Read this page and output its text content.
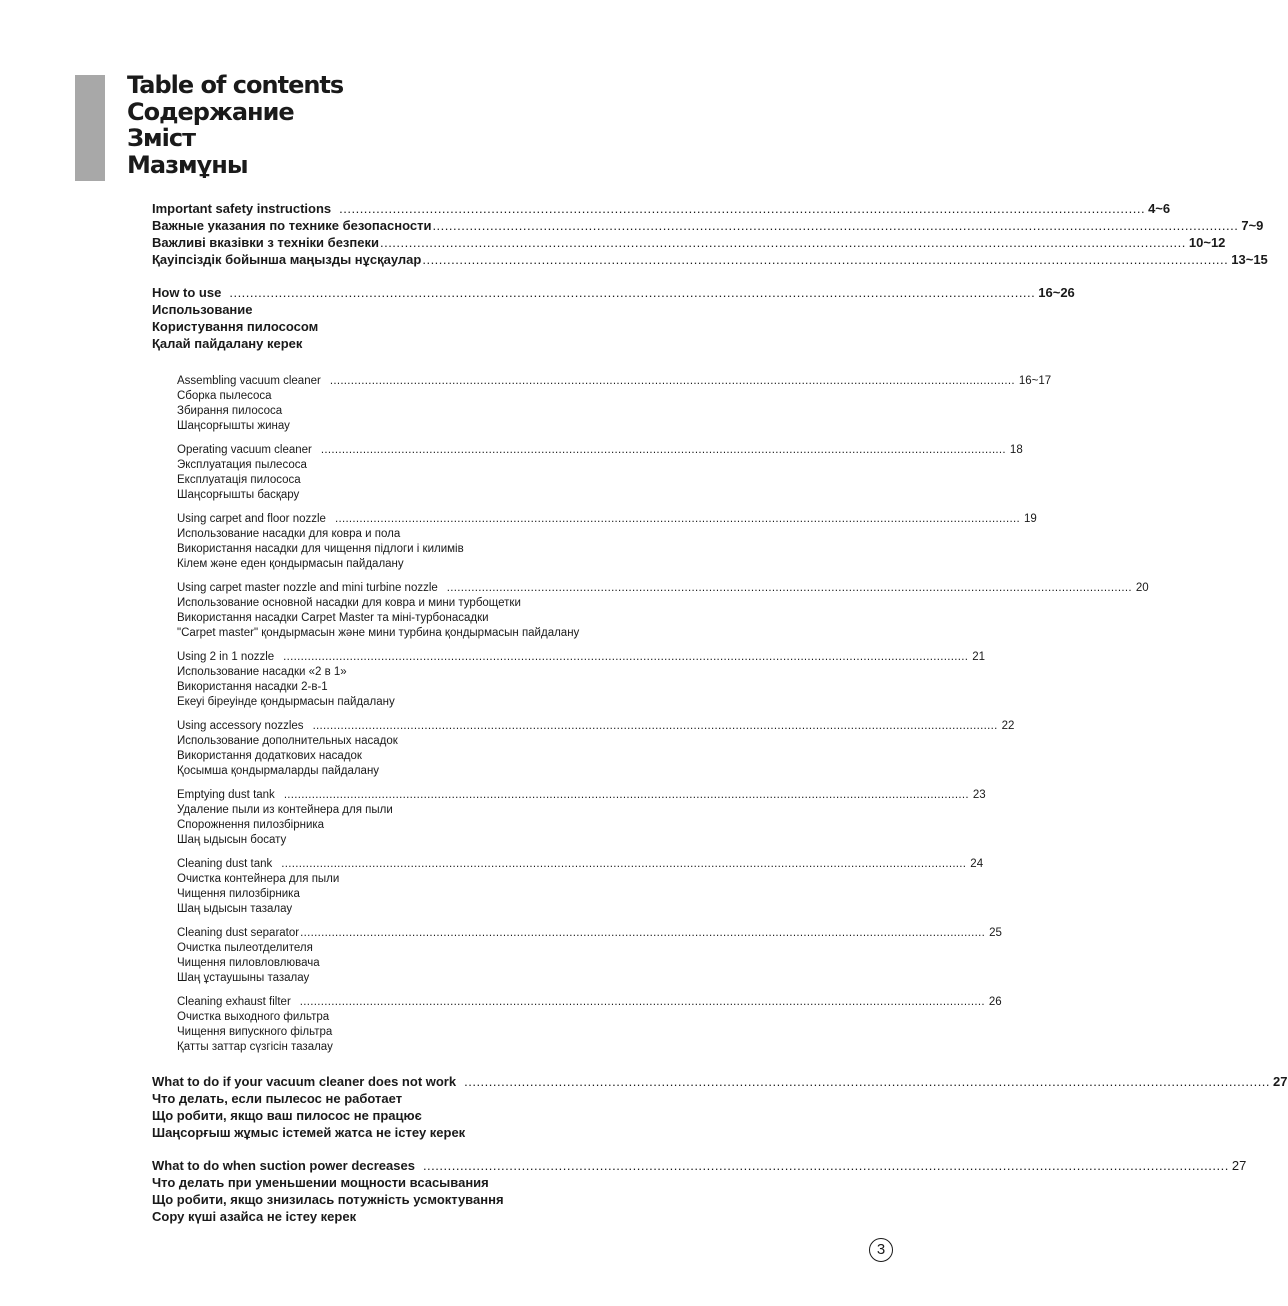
Table of contents
Содержание
Зміст
Мазмұны
Important safety instructions .................................................................................................................................................................................................... 4~6
Важные указания по технике безопасности .................................................................................................................................................................................................... 7~9
Важливі вказівки з техніки безпеки .................................................................................................................................................................................................... 10~12
Қауіпсіздік бойынша маңызды нұсқаулар .................................................................................................................................................................................................... 13~15
How to use .................................................................................................................................................................................................... 16~26
Использование
Користування пилососом
Қалай пайдалану керек
Assembling vacuum cleaner .................................................................................................................................................................................................... 16~17
Сборка пылесоса
Збирання пилососа
Шаңсорғышты жинау
Operating vacuum cleaner .................................................................................................................................................................................................... 18
Эксплуатация пылесоса
Експлуатація пилососа
Шаңсорғышты басқару
Using carpet and floor nozzle .................................................................................................................................................................................................... 19
Использование насадки для ковра и пола
Використання насадки для чищення підлоги і килимів
Кілем және еден қондырмасын пайдалану
Using carpet master nozzle and mini turbine nozzle .................................................................................................................................................................................................... 20
Использование основной насадки для ковра и мини турбощетки
Використання насадки Carpet Master та міні-турбонасадки
"Carpet master" қондырмасын және мини турбина қондырмасын пайдалану
Using 2 in 1 nozzle .................................................................................................................................................................................................... 21
Использование насадки «2 в 1»
Використання насадки 2-в-1
Екеуі біреуінде қондырмасын пайдалану
Using accessory nozzles .................................................................................................................................................................................................... 22
Использование дополнительных насадок
Використання додаткових насадок
Қосымша қондырмаларды пайдалану
Emptying dust tank .................................................................................................................................................................................................... 23
Удаление пыли из контейнера для пыли
Спорожнення пилозбірника
Шаң ыдысын босату
Cleaning dust tank .................................................................................................................................................................................................... 24
Очистка контейнера для пыли
Чищення пилозбірника
Шаң ыдысын тазалау
Cleaning dust separator .................................................................................................................................................................................................... 25
Очистка пылеотделителя
Чищення пиловловлювача
Шаң ұстаушыны тазалау
Cleaning exhaust filter .................................................................................................................................................................................................... 26
Очистка выходного фильтра
Чищення випускного фільтра
Қатты заттар сүзгісін тазалау
What to do if your vacuum cleaner does not work .................................................................................................................................................................................................... 27
Что делать, если пылесос не работает
Що робити, якщо ваш пилосос не працює
Шаңсорғыш жұмыс істемей жатса не істеу керек
What to do when suction power decreases .................................................................................................................................................................................................... 27
Что делать при уменьшении мощности всасывания
Що робити, якщо знизилась потужність усмоктування
Сору күші азайса не істеу керек
3
